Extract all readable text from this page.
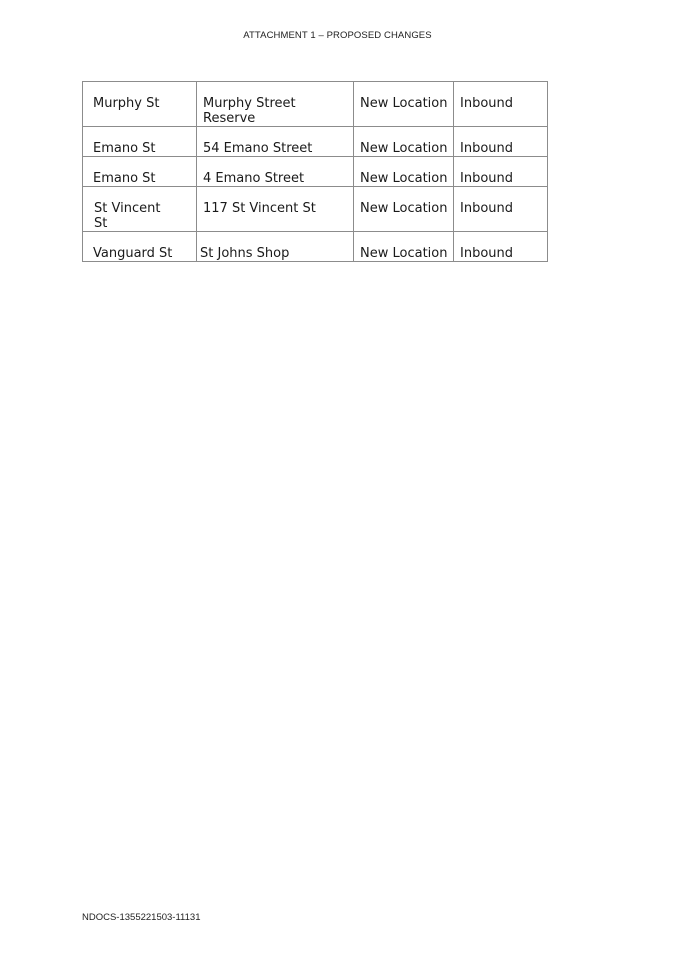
ATTACHMENT 1 – PROPOSED CHANGES
Murphy St	Murphy Street Reserve	New Location	Inbound

Emano St	54 Emano Street	New Location	Inbound

Emano St	4 Emano Street	New Location	Inbound

St Vincent St	117 St Vincent St	New Location	Inbound

Vanguard St	St Johns Shop	New Location	Inbound
NDOCS-1355221503-11131
